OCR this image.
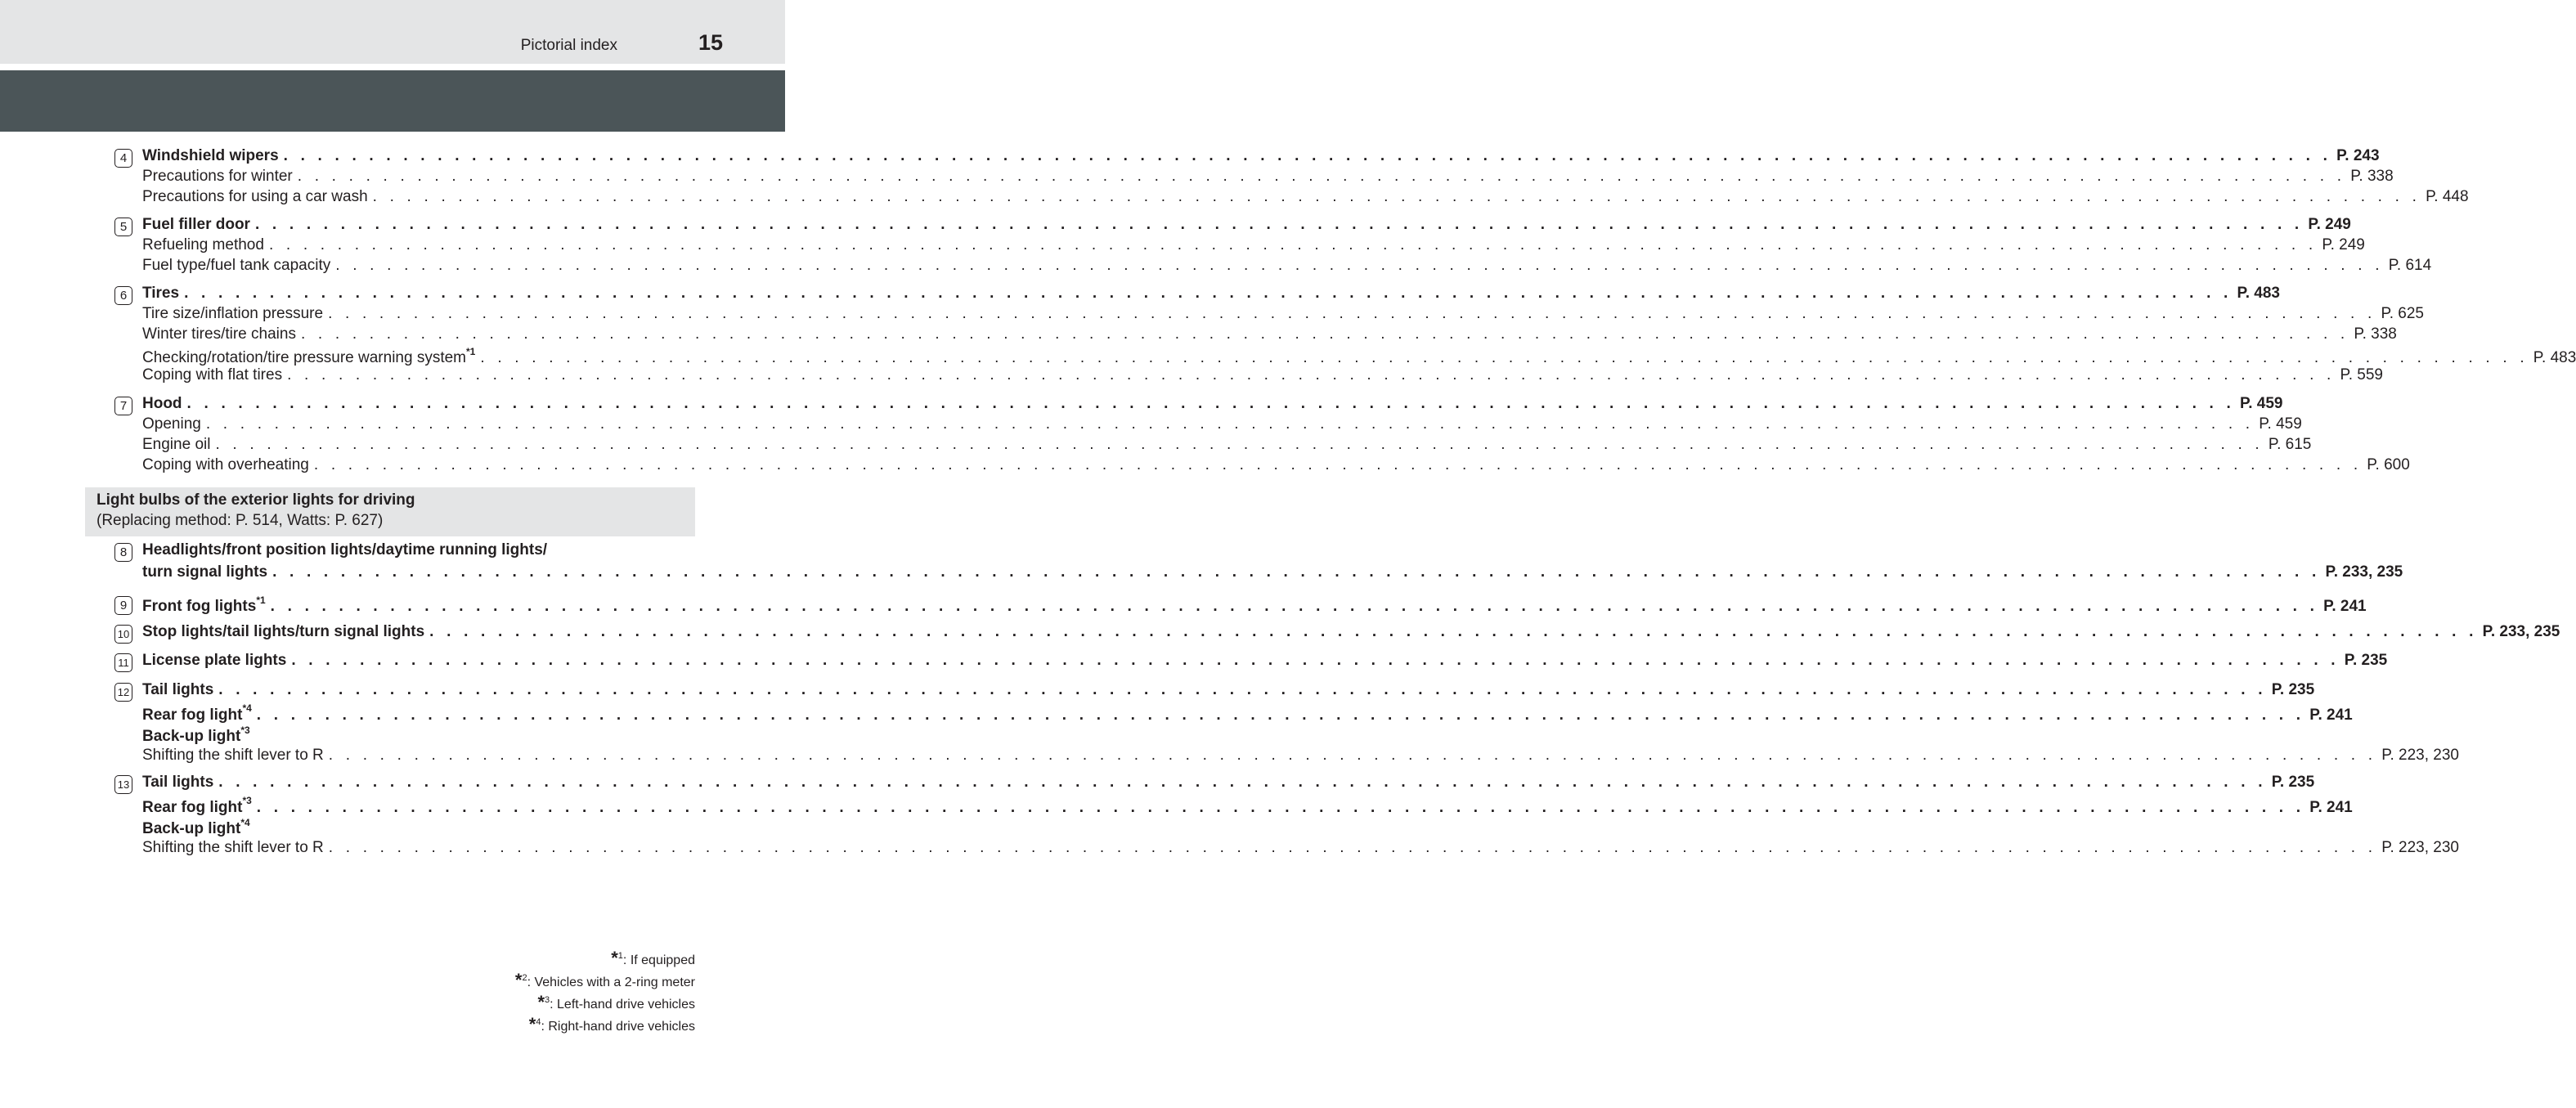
Pictorial index	15
4 Windshield wipers . . . . . . . . . . . . . . . . . . . . . . . . . . . . . . . . . . . . . . . . . . . . . . . . . . . . . . . . . . . . . . . . . . . . . . . . . . . . . . . . . . . . . . . . . . . . . . . . . . . . . . . . . . . . . . . . . . . . . . . . P. 243
Precautions for winter . . . . . . . . . . . . . . . . . . . . . . . . . . . . . . . . . . . . . . . . . . . . . . . . . . . . . . . . . . . . . . . . . . . . . . . . . . . . . . . . . . . . . . . . . . . . . . . . . . . . . . . . . . . . . . . . . . . . . . . . P. 338
Precautions for using a car wash . . . . . . . . . . . . . . . . . . . . . . . . . . . . . . . . . . . . . . . . . . . . . . . . . . . . . . . . . . . . . . . . . . . . . . . . . . . . . . . . . . . . . . . . . . . . . . . . . . . . . . . . . . . . . . . . . . . . . . . . P. 448
5 Fuel filler door . . . . . . . . . . . . . . . . . . . . . . . . . . . . . . . . . . . . . . . . . . . . . . . . . . . . . . . . . . . . . . . . . . . . . . . . . . . . . . . . . . . . . . . . . . . . . . . . . . . . . . . . . . . . . . . . . . . . . . . . P. 249
Refueling method . . . . . . . . . . . . . . . . . . . . . . . . . . . . . . . . . . . . . . . . . . . . . . . . . . . . . . . . . . . . . . . . . . . . . . . . . . . . . . . . . . . . . . . . . . . . . . . . . . . . . . . . . . . . . . . . . . . . . . . . P. 249
Fuel type/fuel tank capacity . . . . . . . . . . . . . . . . . . . . . . . . . . . . . . . . . . . . . . . . . . . . . . . . . . . . . . . . . . . . . . . . . . . . . . . . . . . . . . . . . . . . . . . . . . . . . . . . . . . . . . . . . . . . . . . . . . . . . . . . P. 614
6 Tires . . . . . . . . . . . . . . . . . . . . . . . . . . . . . . . . . . . . . . . . . . . . . . . . . . . . . . . . . . . . . . . . . . . . . . . . . . . . . . . . . . . . . . . . . . . . . . . . . . . . . . . . . . . . . . . . . . . . . . . . P. 483
Tire size/inflation pressure . . . . . . . . . . . . . . . . . . . . . . . . . . . . . . . . . . . . . . . . . . . . . . . . . . . . . . . . . . . . . . . . . . . . . . . . . . . . . . . . . . . . . . . . . . . . . . . . . . . . . . . . . . . . . . . . . . . . . . . . P. 625
Winter tires/tire chains . . . . . . . . . . . . . . . . . . . . . . . . . . . . . . . . . . . . . . . . . . . . . . . . . . . . . . . . . . . . . . . . . . . . . . . . . . . . . . . . . . . . . . . . . . . . . . . . . . . . . . . . . . . . . . . . . . . . . . . . P. 338
Checking/rotation/tire pressure warning system$^{*1}$ . . . . . . . . . . . . . . . . . . . . . . . . . . . . . . . . . . . . . . . . . . . . . . . . . . . . . . . . . . . . . . . . . . . . . . . . . . . . . . . . . . . . . . . . . . . . . . . . . . . . . . . . . . . . . . . . . . . . . . . . P. 483
Coping with flat tires . . . . . . . . . . . . . . . . . . . . . . . . . . . . . . . . . . . . . . . . . . . . . . . . . . . . . . . . . . . . . . . . . . . . . . . . . . . . . . . . . . . . . . . . . . . . . . . . . . . . . . . . . . . . . . . . . . . . . . . . P. 559
7 Hood . . . . . . . . . . . . . . . . . . . . . . . . . . . . . . . . . . . . . . . . . . . . . . . . . . . . . . . . . . . . . . . . . . . . . . . . . . . . . . . . . . . . . . . . . . . . . . . . . . . . . . . . . . . . . . . . . . . . . . . . P. 459
Opening . . . . . . . . . . . . . . . . . . . . . . . . . . . . . . . . . . . . . . . . . . . . . . . . . . . . . . . . . . . . . . . . . . . . . . . . . . . . . . . . . . . . . . . . . . . . . . . . . . . . . . . . . . . . . . . . . . . . . . . . P. 459
Engine oil . . . . . . . . . . . . . . . . . . . . . . . . . . . . . . . . . . . . . . . . . . . . . . . . . . . . . . . . . . . . . . . . . . . . . . . . . . . . . . . . . . . . . . . . . . . . . . . . . . . . . . . . . . . . . . . . . . . . . . . . P. 615
Coping with overheating . . . . . . . . . . . . . . . . . . . . . . . . . . . . . . . . . . . . . . . . . . . . . . . . . . . . . . . . . . . . . . . . . . . . . . . . . . . . . . . . . . . . . . . . . . . . . . . . . . . . . . . . . . . . . . . . . . . . . . . . P. 600
Light bulbs of the exterior lights for driving
(Replacing method: P. 514, Watts: P. 627)
8 Headlights/front position lights/daytime running lights/
turn signal lights . . . . . . . . . . . . . . . . . . . . . . . . . . . . . . . . . . . . . . . . . . . . . . . . . . . . . . . . . . . . . . . . . . . . . . . . . . . . . . . . . . . . . . . . . . . . . . . . . . . . . . . . . . . . . . . . . . . . . . . . P. 233, 235
9 Front fog lights$^{*1}$ . . . . . . . . . . . . . . . . . . . . . . . . . . . . . . . . . . . . . . . . . . . . . . . . . . . . . . . . . . . . . . . . . . . . . . . . . . . . . . . . . . . . . . . . . . . . . . . . . . . . . . . . . . . . . . . . . . . . . . . . P. 241
10 Stop lights/tail lights/turn signal lights . . . . . . . . . . . . . . . . . . . . . . . . . . . . . . . . . . . . . . . . . . . . . . . . . . . . . . . . . . . . . . . . . . . . . . . . . . . . . . . . . . . . . . . . . . . . . . . . . . . . . . . . . . . . . . . . . . . . . . . . P. 233, 235
11 License plate lights . . . . . . . . . . . . . . . . . . . . . . . . . . . . . . . . . . . . . . . . . . . . . . . . . . . . . . . . . . . . . . . . . . . . . . . . . . . . . . . . . . . . . . . . . . . . . . . . . . . . . . . . . . . . . . . . . . . . . . . . P. 235
12 Tail lights . . . . . . . . . . . . . . . . . . . . . . . . . . . . . . . . . . . . . . . . . . . . . . . . . . . . . . . . . . . . . . . . . . . . . . . . . . . . . . . . . . . . . . . . . . . . . . . . . . . . . . . . . . . . . . . . . . . . . . . . P. 235
Rear fog light$^{*4}$ . . . . . . . . . . . . . . . . . . . . . . . . . . . . . . . . . . . . . . . . . . . . . . . . . . . . . . . . . . . . . . . . . . . . . . . . . . . . . . . . . . . . . . . . . . . . . . . . . . . . . . . . . . . . . . . . . . . . . . . . P. 241
Back-up light$^{*3}$
Shifting the shift lever to R . . . . . . . . . . . . . . . . . . . . . . . . . . . . . . . . . . . . . . . . . . . . . . . . . . . . . . . . . . . . . . . . . . . . . . . . . . . . . . . . . . . . . . . . . . . . . . . . . . . . . . . . . . . . . . . . . . . . . . . . P. 223, 230
13 Tail lights . . . . . . . . . . . . . . . . . . . . . . . . . . . . . . . . . . . . . . . . . . . . . . . . . . . . . . . . . . . . . . . . . . . . . . . . . . . . . . . . . . . . . . . . . . . . . . . . . . . . . . . . . . . . . . . . . . . . . . . . P. 235
Rear fog light$^{*3}$ . . . . . . . . . . . . . . . . . . . . . . . . . . . . . . . . . . . . . . . . . . . . . . . . . . . . . . . . . . . . . . . . . . . . . . . . . . . . . . . . . . . . . . . . . . . . . . . . . . . . . . . . . . . . . . . . . . . . . . . . P. 241
Back-up light$^{*4}$
Shifting the shift lever to R . . . . . . . . . . . . . . . . . . . . . . . . . . . . . . . . . . . . . . . . . . . . . . . . . . . . . . . . . . . . . . . . . . . . . . . . . . . . . . . . . . . . . . . . . . . . . . . . . . . . . . . . . . . . . . . . . . . . . . . . P. 223, 230
*$^1$: If equipped
*$^2$: Vehicles with a 2-ring meter
*$^3$: Left-hand drive vehicles
*$^4$: Right-hand drive vehicles
